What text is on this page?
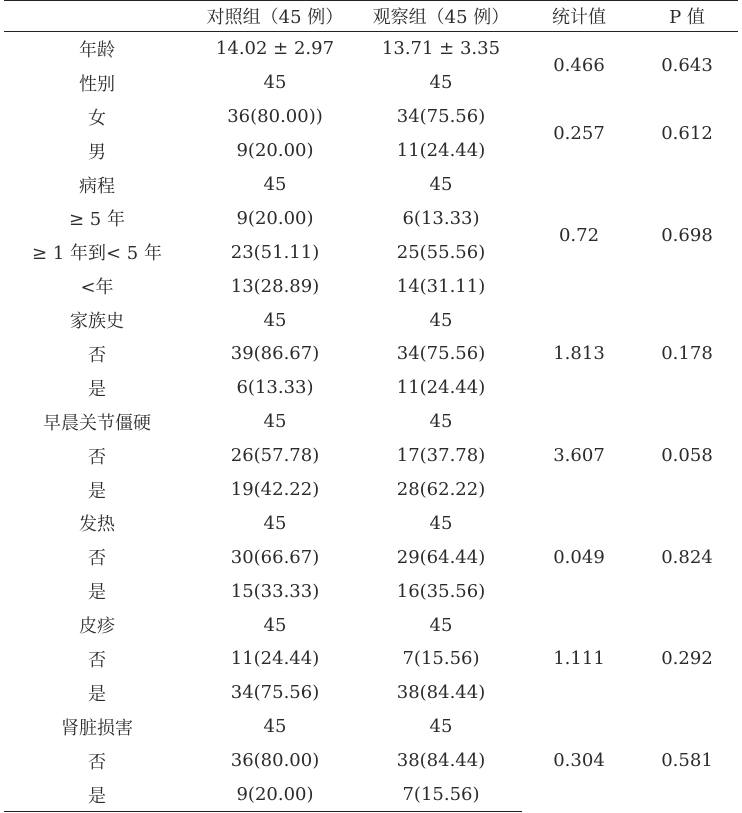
	对照组（45 例）	观察组（45 例）	统计值	P 值
年龄	14.02 ± 2.97	13.71 ± 3.35	0.466	0.643
性别	45	45		
女	36(80.00))	34(75.56)	0.257	0.612
男	9(20.00)	11(24.44)		
病程	45	45	0.72	0.698
≥ 5 年	9(20.00)	6(13.33)		
≥ 1 年到< 5 年	23(51.11)	25(55.56)		
<年	13(28.89)	14(31.11)		
家族史	45	45	1.813	0.178
否	39(86.67)	34(75.56)		
是	6(13.33)	11(24.44)		
早晨关节僵硬	45	45	3.607	0.058
否	26(57.78)	17(37.78)		
是	19(42.22)	28(62.22)		
发热	45	45	0.049	0.824
否	30(66.67)	29(64.44)		
是	15(33.33)	16(35.56)		
皮疹	45	45	1.111	0.292
否	11(24.44)	7(15.56)		
是	34(75.56)	38(84.44)		
肾脏损害	45	45	0.304	0.581
否	36(80.00)	38(84.44)		
是	9(20.00)	7(15.56)		
